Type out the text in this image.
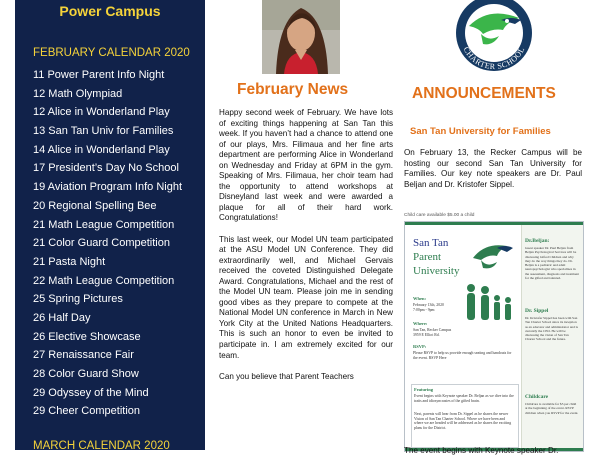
Power Campus
FEBRUARY CALENDAR 2020
11 Power Parent Info Night
12 Math Olympiad
12 Alice in Wonderland Play
13 San Tan Univ for Families
14 Alice in Wonderland Play
17 President’s Day No School
19 Aviation Program Info Night
20 Regional Spelling Bee
21 Math League Competition
21 Color Guard Competition
21 Pasta Night
22 Math League Competition
25 Spring Pictures
26 Half Day
26 Elective Showcase
27 Renaissance Fair
28 Color Guard Show
29 Odyssey of the Mind
29 Cheer Competition
MARCH CALENDAR 2020
CHARTER SCHOOL
February News	ANNOUNCEMENTS
San Tan University for Families

Happy second week of February. We have lots of exciting things happening at San Tan this week. If you haven’t had a chance to attend one of our plays, Mrs. Filimaua and her fine arts department are performing Alice in Wonderland on Wednesday and Friday at 6PM in the gym. Speaking of Mrs. Filimaua, her choir team had the opportunity to attend workshops at Disneyland last week and were awarded a plaque for all of their hard work. Congratulations!

This last week, our Model UN team participated at the ASU Model UN Conference. They did extraordinarily well, and Michael Gervais received the coveted Distinguished Delegate Award. Congratulations, Michael and the rest of the Model UN team. Please join me in sending good vibes as they prepare to compete at the National Model UN conference in March in New York City at the United Nations Headquarters. This is such an honor to even be invited to participate in. I am extremely excited for our team.

Can you believe that Parent Teachers

On February 13, the Recker Campus will be hosting our second San Tan University for Families. Our key note speakers are Dr. Paul Beljan and Dr. Kristofer Sippel.

Child care available $5.00 a child
San Tan
Parent
University
When:
February 13th, 2020
7:00pm - 9pm
Where:
San Tan, Recker Campus
3959 E Elliot Rd.
RSVP:
Please RSVP to help us provide enough seating and handouts for the event. RSVP Here
Featuring
Event begins with Keynote speaker Dr. Beljan as we dive into the traits and idiosyncrasies of the gifted brain.
Next, parents will hear from Dr. Sippel as he shares the newer Vision of San Tan Charter School. Where we have been and where we are headed will be addressed as he shares the exciting plans for the District.
Dr.Beljan:
Guest speaker Dr. Paul Beljan from Beljan Psychological Services will be discussing Gifted Children and why they do the way things they do. Dr. Beljan is a pediatric and adult neuropsychologist who specializes in the assessment, diagnosis and treatment for the gifted and talented.
Dr. Sippel
Dr. Kristofer Sippel has been with San Tan Charter School since its inception as an educator and administrator and is currently the CEO. He will be discussing the vision of San Tan Charter School and the future.
Childcare
Childcare is available for $5 per child at the beginning of the event. RSVP children when you RSVP for the event.
The event begins with Keynote speaker Dr.
